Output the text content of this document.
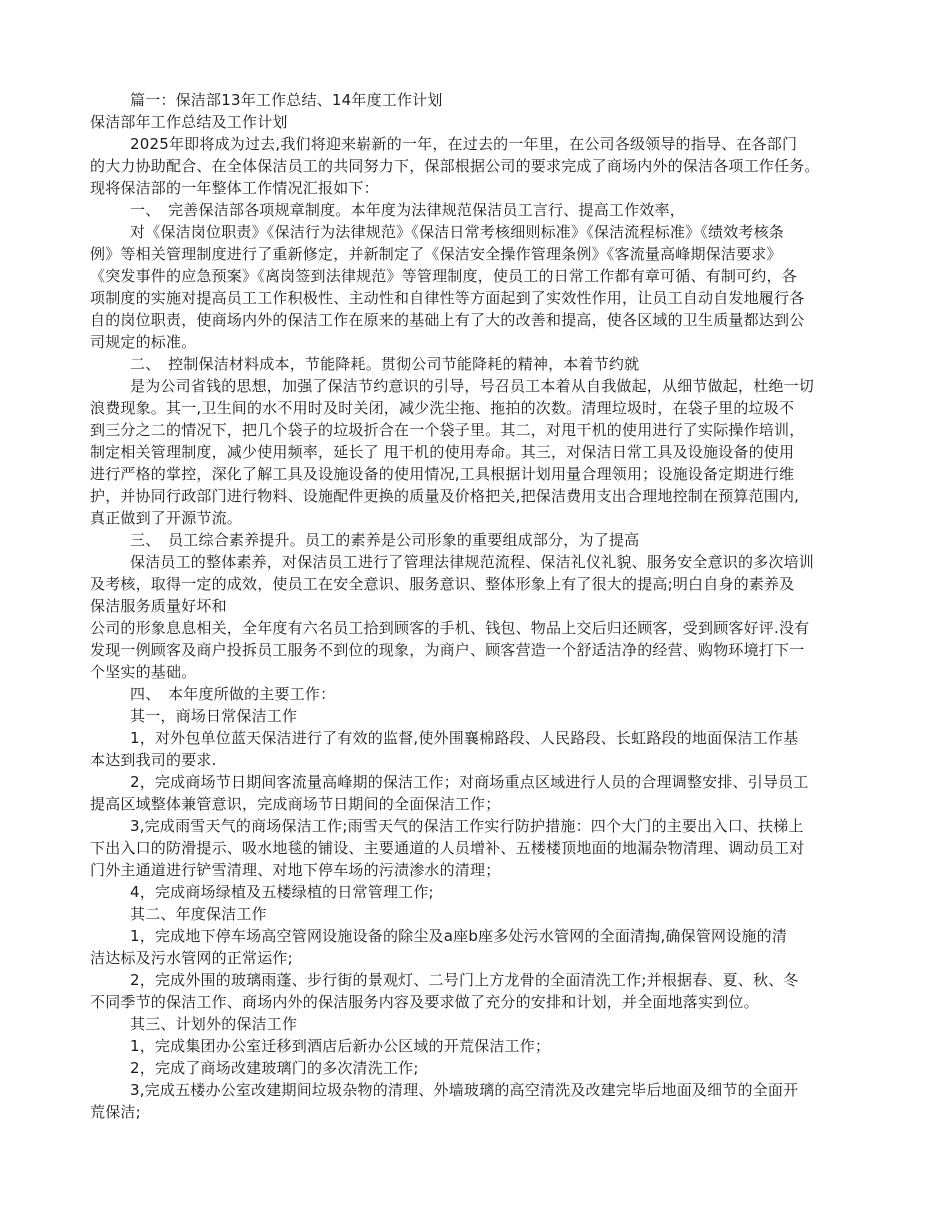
篇一：保洁部13年工作总结、14年度工作计划
保洁部年工作总结及工作计划
2025年即将成为过去,我们将迎来崭新的一年，在过去的一年里，在公司各级领导的指导、在各部门
的大力协助配合、在全体保洁员工的共同努力下，保部根据公司的要求完成了商场内外的保洁各项工作任务。
现将保洁部的一年整体工作情况汇报如下：
一、　完善保洁部各项规章制度。本年度为法律规范保洁员工言行、提高工作效率，
对《保洁岗位职责》《保洁行为法律规范》《保洁日常考核细则标准》《保洁流程标准》《绩效考核条
例》等相关管理制度进行了重新修定，并新制定了《保洁安全操作管理条例》《客流量高峰期保洁要求》
《突发事件的应急预案》《离岗签到法律规范》等管理制度，使员工的日常工作都有章可循、有制可约，各
项制度的实施对提高员工工作积极性、主动性和自律性等方面起到了实效性作用，让员工自动自发地履行各
自的岗位职责，使商场内外的保洁工作在原来的基础上有了大的改善和提高，使各区域的卫生质量都达到公
司规定的标准。
二、　控制保洁材料成本，节能降耗。贯彻公司节能降耗的精神，本着节约就
是为公司省钱的思想，加强了保洁节约意识的引导，号召员工本着从自我做起，从细节做起，杜绝一切
浪费现象。其一,卫生间的水不用时及时关闭，减少洗尘拖、拖拍的次数。清理垃圾时，在袋子里的垃圾不
到三分之二的情况下，把几个袋子的垃圾折合在一个袋子里。其二，对甩干机的使用进行了实际操作培训，
制定相关管理制度，减少使用频率，延长了 甩干机的使用寿命。其三，对保洁日常工具及设施设备的使用
进行严格的掌控，深化了解工具及设施设备的使用情况,工具根据计划用量合理领用；设施设备定期进行维
护，并协同行政部门进行物料、设施配件更换的质量及价格把关,把保洁费用支出合理地控制在预算范围内,
真正做到了开源节流。
三、　员工综合素养提升。员工的素养是公司形象的重要组成部分，为了提高
保洁员工的整体素养，对保洁员工进行了管理法律规范流程、保洁礼仪礼貌、服务安全意识的多次培训
及考核，取得一定的成效，使员工在安全意识、服务意识、整体形象上有了很大的提高;明白自身的素养及
保洁服务质量好坏和
公司的形象息息相关，全年度有六名员工拾到顾客的手机、钱包、物品上交后归还顾客，受到顾客好评.没有
发现一例顾客及商户投拆员工服务不到位的现象，为商户、顾客营造一个舒适洁净的经营、购物环境打下一
个坚实的基础。
四、　本年度所做的主要工作：
其一，商场日常保洁工作
1，对外包单位蓝天保洁进行了有效的监督,使外围襄棉路段、人民路段、长虹路段的地面保洁工作基
本达到我司的要求.
2，完成商场节日期间客流量高峰期的保洁工作；对商场重点区域进行人员的合理调整安排、引导员工
提高区域整体兼管意识，完成商场节日期间的全面保洁工作；
3,完成雨雪天气的商场保洁工作;雨雪天气的保洁工作实行防护措施：四个大门的主要出入口、扶梯上
下出入口的防滑提示、吸水地毯的铺设、主要通道的人员增补、五楼楼顶地面的地漏杂物清理、调动员工对
门外主通道进行铲雪清理、对地下停车场的污渍渗水的清理；
4，完成商场绿植及五楼绿植的日常管理工作;
其二、年度保洁工作
1，完成地下停车场高空管网设施设备的除尘及a座b座多处污水管网的全面清掏,确保管网设施的清
洁达标及污水管网的正常运作;
2，完成外围的玻璃雨蓬、步行街的景观灯、二号门上方龙骨的全面清洗工作;并根据春、夏、秋、冬
不同季节的保洁工作、商场内外的保洁服务内容及要求做了充分的安排和计划，并全面地落实到位。
其三、计划外的保洁工作
1，完成集团办公室迁移到酒店后新办公区域的开荒保洁工作；
2，完成了商场改建玻璃门的多次清洗工作;
3,完成五楼办公室改建期间垃圾杂物的清理、外墙玻璃的高空清洗及改建完毕后地面及细节的全面开
荒保洁;
